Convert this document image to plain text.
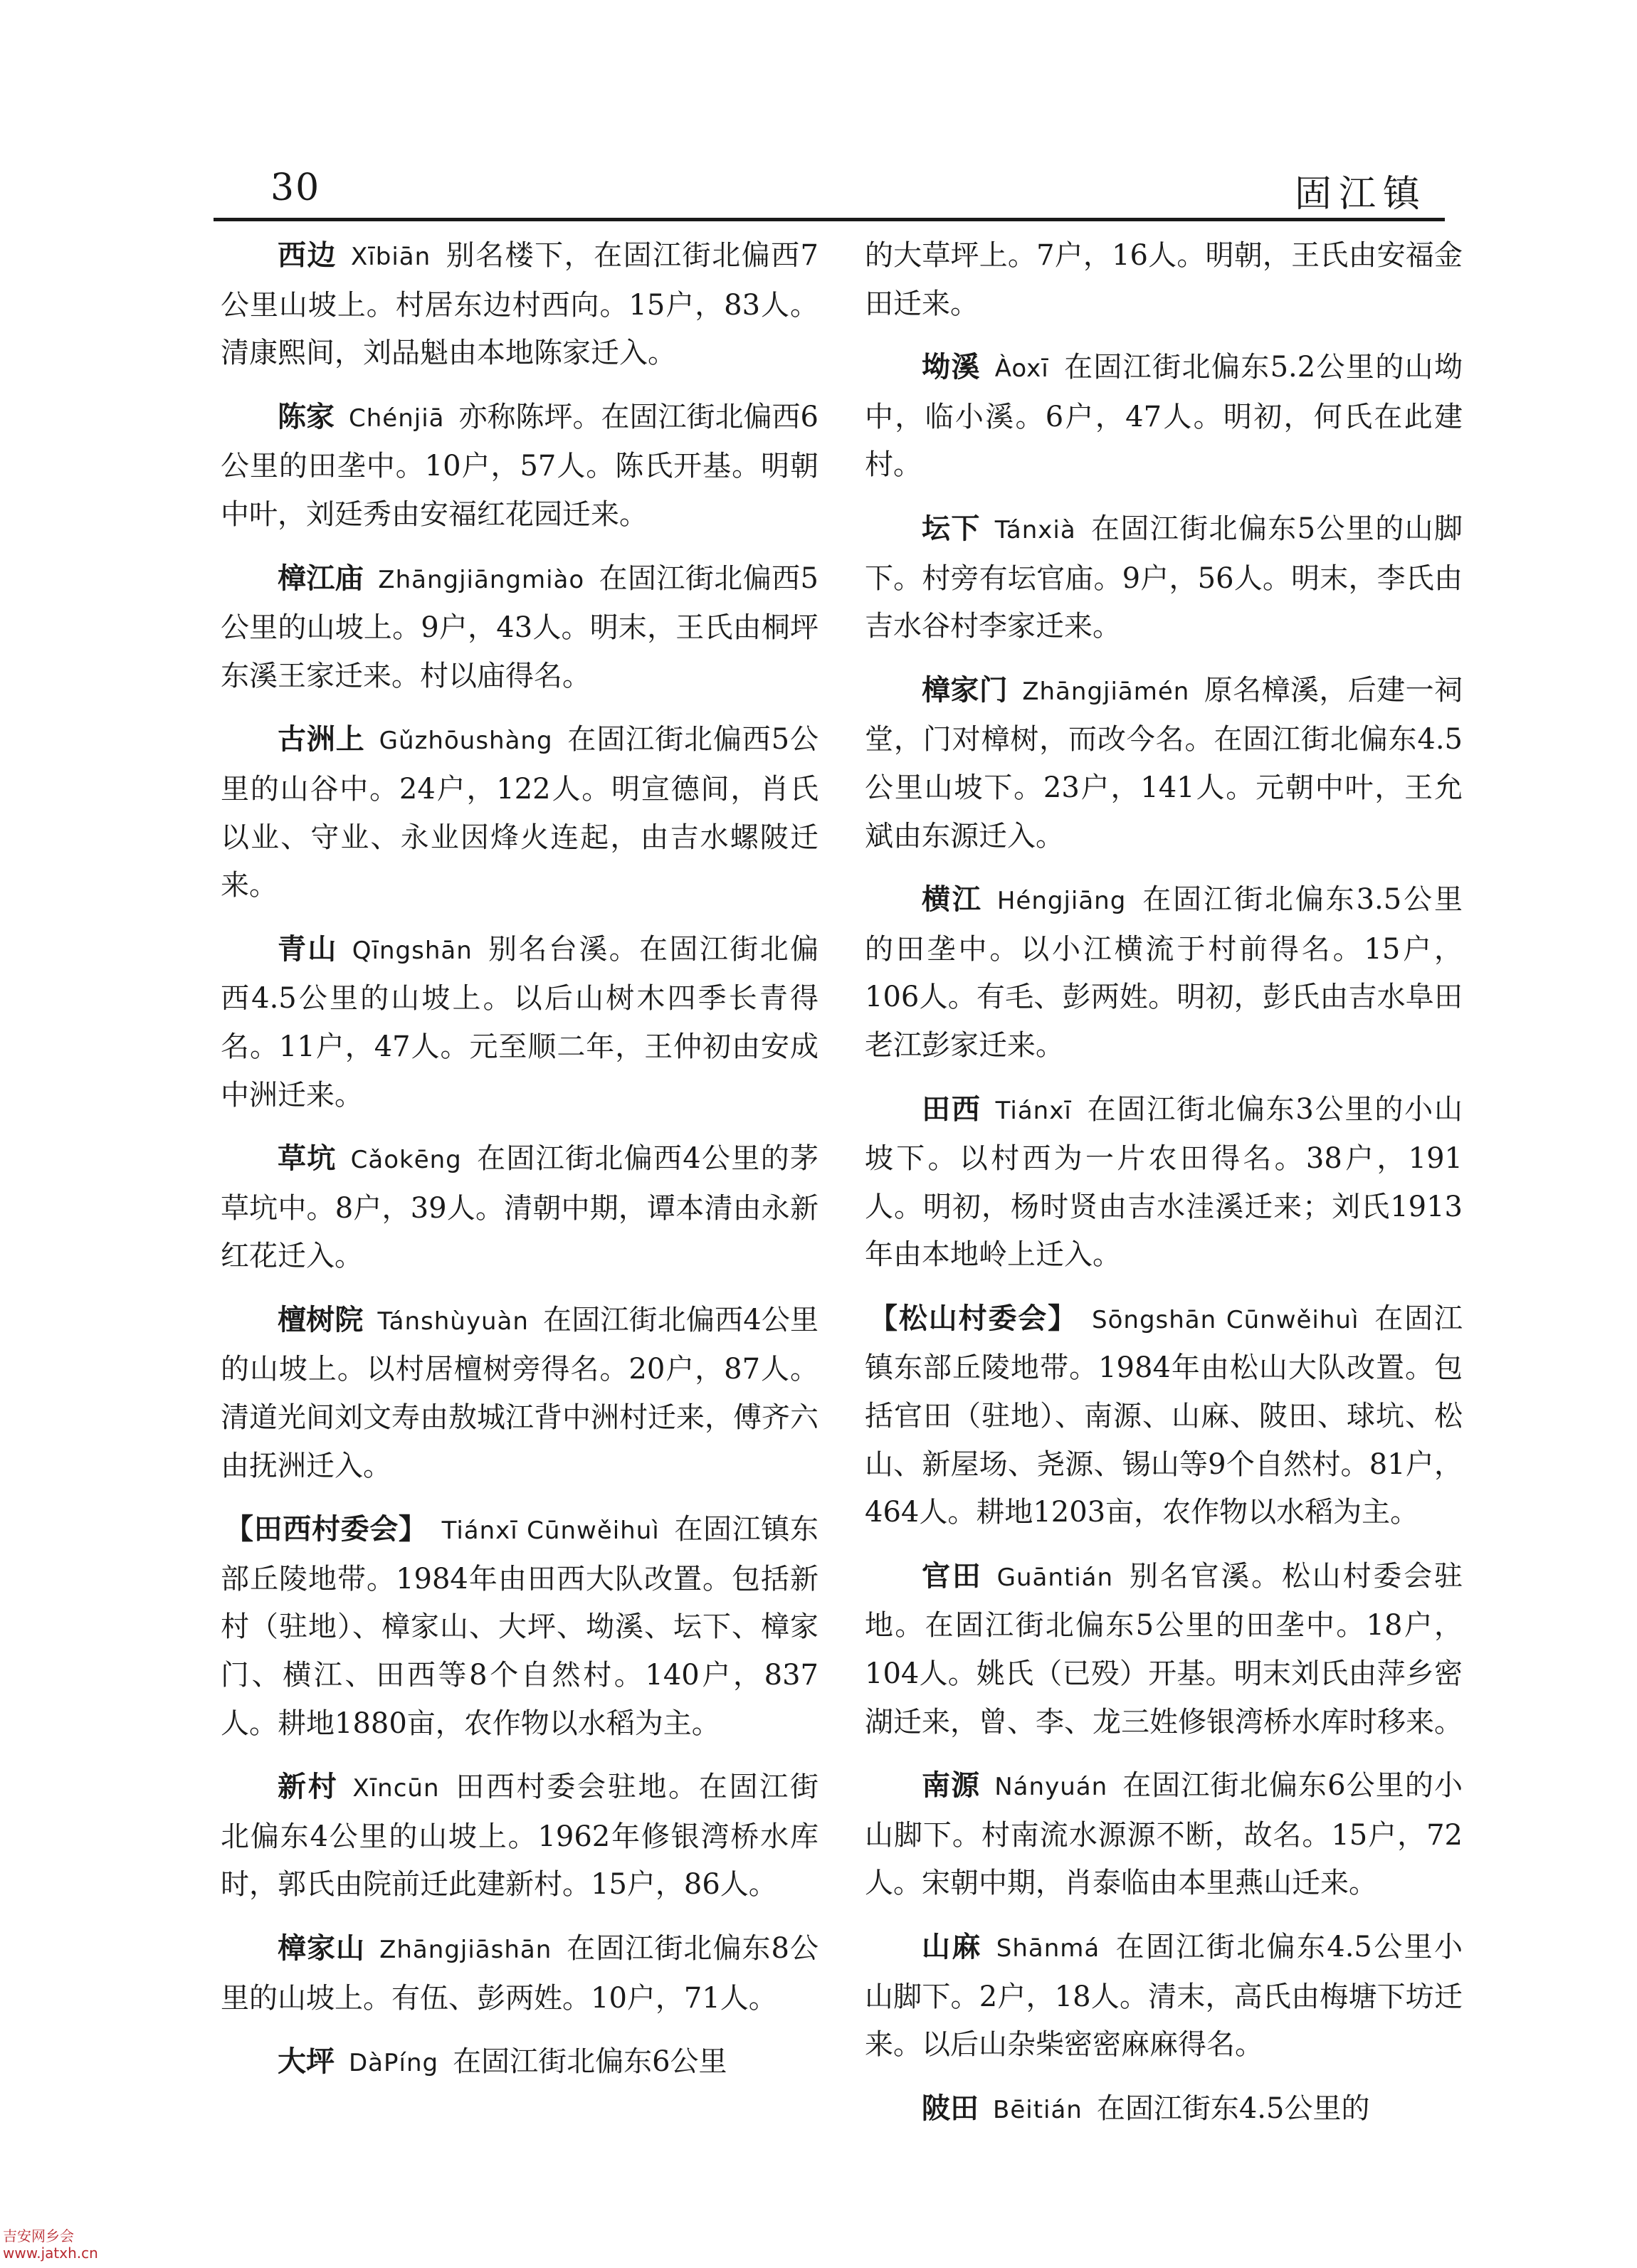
30	固江镇

西边  Xībiān  别名楼下，在固江街北偏西7公里山坡上。村居东边村西向。15户，83人。清康熙间，刘品魁由本地陈家迁入。

陈家  Chénjiā  亦称陈坪。在固江街北偏西6公里的田垄中。10户，57人。陈氏开基。明朝中叶，刘廷秀由安福红花园迁来。

樟江庙  Zhāngjiāngmiào  在固江街北偏西5公里的山坡上。9户，43人。明末，王氏由桐坪东溪王家迁来。村以庙得名。

古洲上  Gǔzhōushàng  在固江街北偏西5公里的山谷中。24户，122人。明宣德间，肖氏以业、守业、永业因烽火连起，由吉水螺陂迁来。

青山  Qīngshān  别名台溪。在固江街北偏西4.5公里的山坡上。以后山树木四季长青得名。11户，47人。元至顺二年，王仲初由安成中洲迁来。

草坑  Cǎokēng  在固江街北偏西4公里的茅草坑中。8户，39人。清朝中期，谭本清由永新红花迁入。

檀树院  Tánshùyuàn  在固江街北偏西4公里的山坡上。以村居檀树旁得名。20户，87人。清道光间刘文寿由敖城江背中洲村迁来，傅齐六由抚洲迁入。

【田西村委会】  Tiánxī Cūnwěihuì  在固江镇东部丘陵地带。1984年由田西大队改置。包括新村（驻地）、樟家山、大坪、坳溪、坛下、樟家门、横江、田西等8个自然村。140户，837人。耕地1880亩，农作物以水稻为主。

新村  Xīncūn  田西村委会驻地。在固江街北偏东4公里的山坡上。1962年修银湾桥水库时，郭氏由院前迁此建新村。15户，86人。

樟家山  Zhāngjiāshān  在固江街北偏东8公里的山坡上。有伍、彭两姓。10户，71人。

大坪  DàPíng  在固江街北偏东6公里

的大草坪上。7户，16人。明朝，王氏由安福金田迁来。

坳溪  Àoxī  在固江街北偏东5.2公里的山坳中，临小溪。6户，47人。明初，何氏在此建村。

坛下  Tánxià  在固江街北偏东5公里的山脚下。村旁有坛官庙。9户，56人。明末，李氏由吉水谷村李家迁来。

樟家门  Zhāngjiāmén  原名樟溪，后建一祠堂，门对樟树，而改今名。在固江街北偏东4.5公里山坡下。23户，141人。元朝中叶，王允斌由东源迁入。

横江  Héngjiāng  在固江街北偏东3.5公里的田垄中。以小江横流于村前得名。15户，106人。有毛、彭两姓。明初，彭氏由吉水阜田老江彭家迁来。

田西  Tiánxī  在固江街北偏东3公里的小山坡下。以村西为一片农田得名。38户，191人。明初，杨时贤由吉水洼溪迁来；刘氏1913年由本地岭上迁入。

【松山村委会】  Sōngshān Cūnwěihuì  在固江镇东部丘陵地带。1984年由松山大队改置。包括官田（驻地）、南源、山麻、陂田、球坑、松山、新屋场、尧源、锡山等9个自然村。81户，464人。耕地1203亩，农作物以水稻为主。

官田  Guāntián  别名官溪。松山村委会驻地。在固江街北偏东5公里的田垄中。18户，104人。姚氏（已殁）开基。明末刘氏由萍乡密湖迁来，曾、李、龙三姓修银湾桥水库时移来。

南源  Nányuán  在固江街北偏东6公里的小山脚下。村南流水源源不断，故名。15户，72人。宋朝中期，肖泰临由本里燕山迁来。

山麻  Shānmá  在固江街北偏东4.5公里小山脚下。2户，18人。清末，高氏由梅塘下坊迁来。以后山杂柴密密麻麻得名。

陂田  Bēitián  在固江街东4.5公里的

吉安网乡会
www.jatxh.cn
